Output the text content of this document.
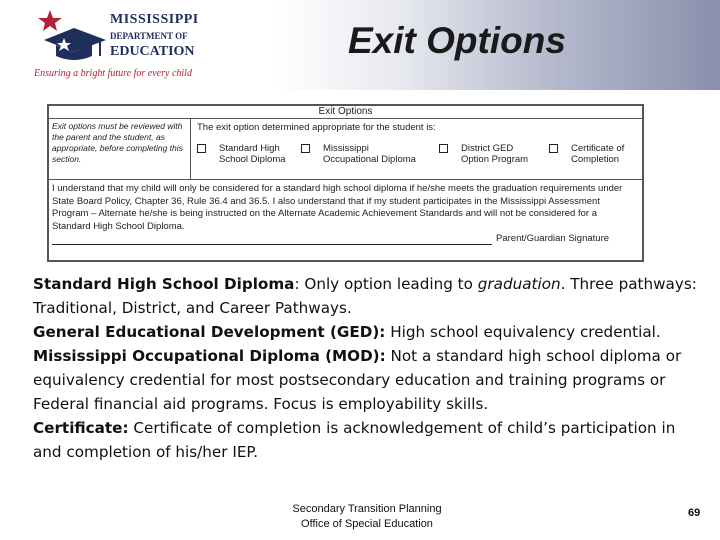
MISSISSIPPI
DEPARTMENT OF
EDUCATION
Ensuring a bright future for every child
Exit Options
Exit Options
Exit options must be reviewed with the parent and the student, as appropriate, before completing this section.
The exit option determined appropriate for the student is:
Standard High
School Diploma
Mississippi
Occupational Diploma
District GED
Option Program
Certificate of
Completion
I understand that my child will only be considered for a standard high school diploma if he/she meets the graduation requirements under State Board Policy, Chapter 36, Rule 36.4 and 36.5. I also understand that if my student participates in the Mississippi Assessment Program – Alternate he/she is being instructed on the Alternate Academic Achievement Standards and will not be considered for a Standard High School Diploma.
Parent/Guardian Signature

Standard High School Diploma: Only option leading to graduation. Three pathways: Traditional, District, and Career Pathways.

General Educational Development (GED): High school equivalency credential.

Mississippi Occupational Diploma (MOD): Not a standard high school diploma or equivalency credential for most postsecondary education and training programs or Federal financial aid programs. Focus is employability skills.

Certificate: Certificate of completion is acknowledgement of child’s participation in and completion of his/her IEP.

Secondary Transition Planning
Office of Special Education
69
